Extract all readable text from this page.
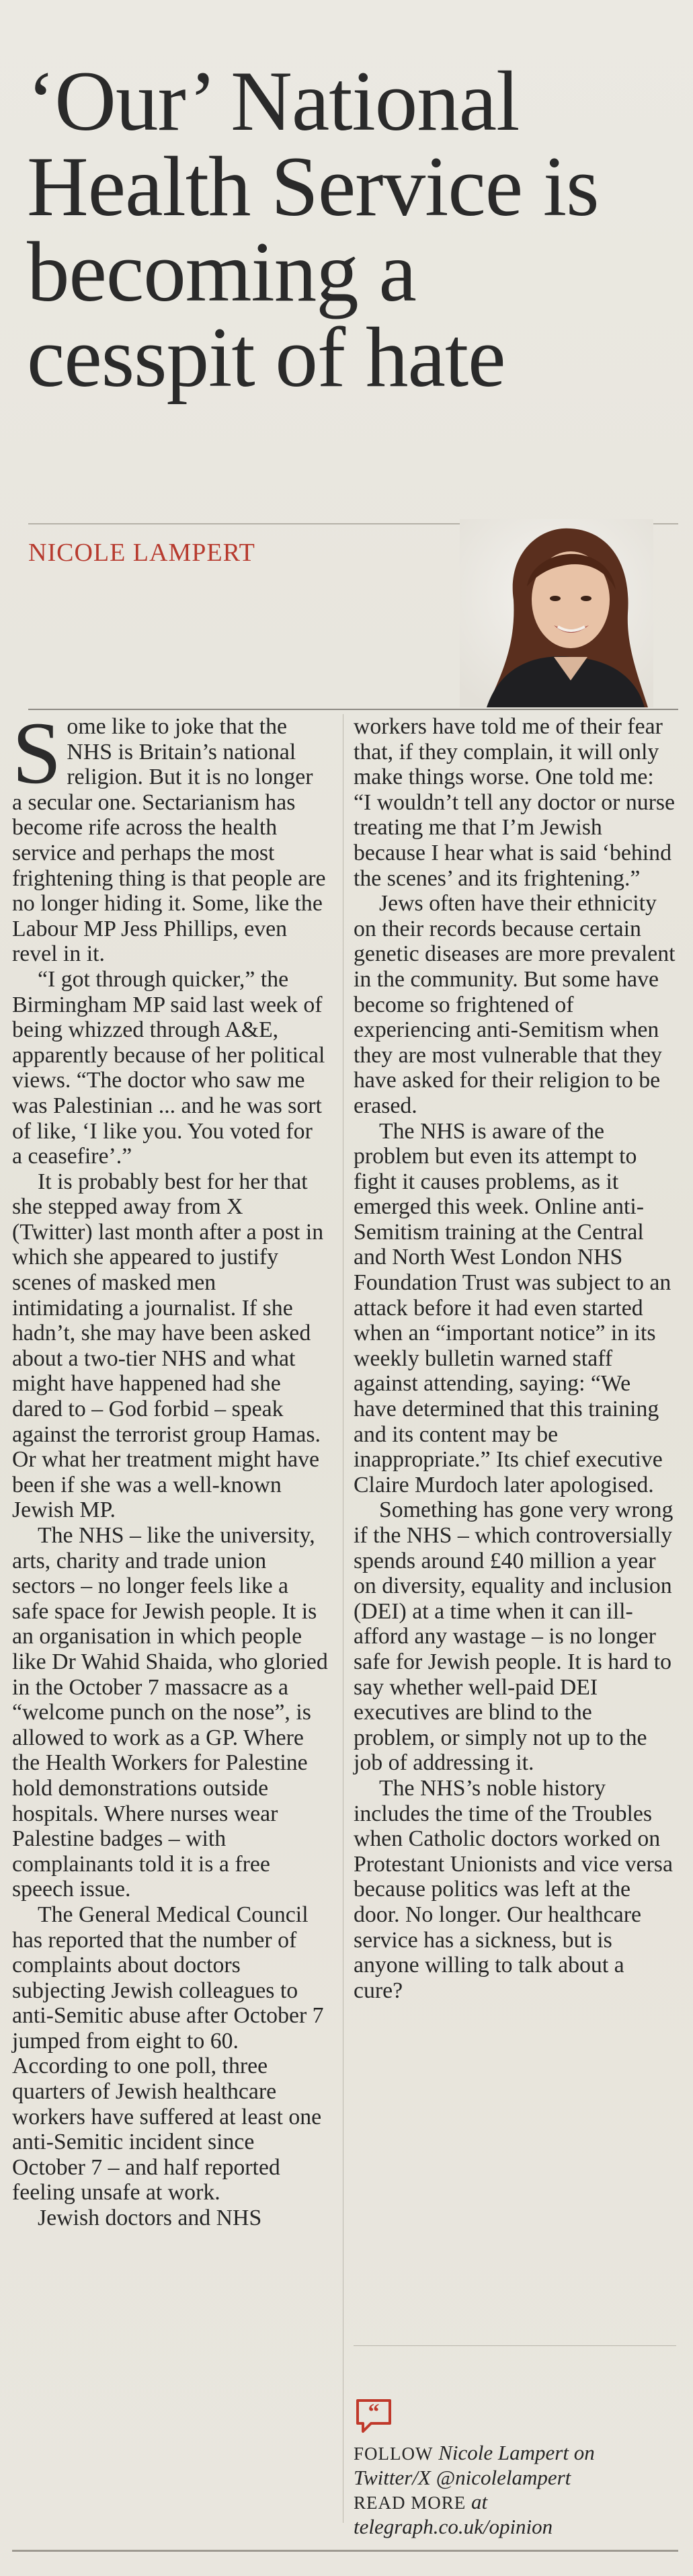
‘Our’ National
Health Service is
becoming a
cesspit of hate
NICOLE LAMPERT

Some like to joke that the NHS is Britain’s national religion. But it is no longer a secular one. Sectarianism has become rife across the health service and perhaps the most frightening thing is that people are no longer hiding it. Some, like the Labour MP Jess Phillips, even revel in it.

“I got through quicker,” the Birmingham MP said last week of being whizzed through A&E, apparently because of her political views. “The doctor who saw me was Palestinian ... and he was sort of like, ‘I like you. You voted for a ceasefire’.”

It is probably best for her that she stepped away from X (Twitter) last month after a post in which she appeared to justify scenes of masked men intimidating a journalist. If she hadn’t, she may have been asked about a two-tier NHS and what might have happened had she dared to – God forbid – speak against the terrorist group Hamas. Or what her treatment might have been if she was a well-known Jewish MP.

The NHS – like the university, arts, charity and trade union sectors – no longer feels like a safe space for Jewish people. It is an organisation in which people like Dr Wahid Shaida, who gloried in the October 7 massacre as a “welcome punch on the nose”, is allowed to work as a GP. Where the Health Workers for Palestine hold demonstrations outside hospitals. Where nurses wear Palestine badges – with complainants told it is a free speech issue.

The General Medical Council has reported that the number of complaints about doctors subjecting Jewish colleagues to anti-Semitic abuse after October 7 jumped from eight to 60. According to one poll, three quarters of Jewish healthcare workers have suffered at least one anti-Semitic incident since October 7 – and half reported feeling unsafe at work.

Jewish doctors and NHS

workers have told me of their fear that, if they complain, it will only make things worse. One told me: “I wouldn’t tell any doctor or nurse treating me that I’m Jewish because I hear what is said ‘behind the scenes’ and its frightening.”

Jews often have their ethnicity on their records because certain genetic diseases are more prevalent in the community. But some have become so frightened of experiencing anti-Semitism when they are most vulnerable that they have asked for their religion to be erased.

The NHS is aware of the problem but even its attempt to fight it causes problems, as it emerged this week. Online anti-Semitism training at the Central and North West London NHS Foundation Trust was subject to an attack before it had even started when an “important notice” in its weekly bulletin warned staff against attending, saying: “We have determined that this training and its content may be inappropriate.” Its chief executive Claire Murdoch later apologised.

Something has gone very wrong if the NHS – which controversially spends around £40 million a year on diversity, equality and inclusion (DEI) at a time when it can ill-afford any wastage – is no longer safe for Jewish people. It is hard to say whether well-paid DEI executives are blind to the problem, or simply not up to the job of addressing it.

The NHS’s noble history includes the time of the Troubles when Catholic doctors worked on Protestant Unionists and vice versa because politics was left at the door. No longer. Our healthcare service has a sickness, but is anyone willing to talk about a cure?

“
FOLLOW Nicole Lampert on
Twitter/X @nicolelampert
READ MORE at
telegraph.co.uk/opinion
